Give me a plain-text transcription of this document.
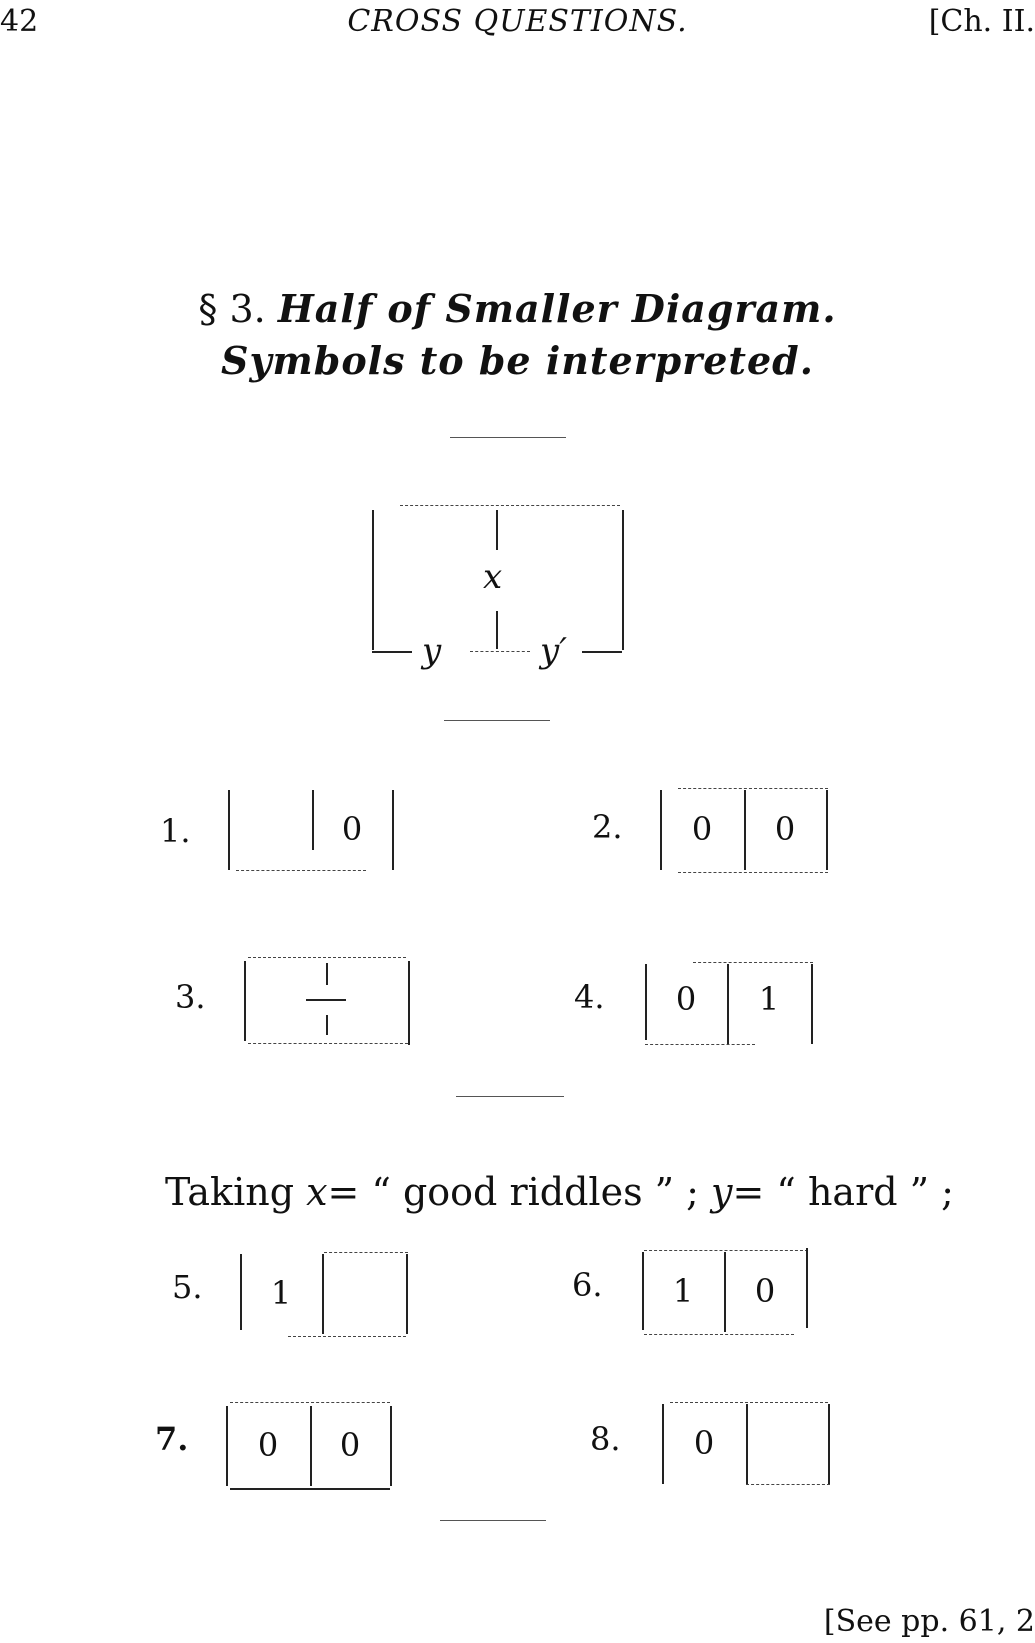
42	CROSS QUESTIONS.	[Ch. II.
§ 3. Half of Smaller Diagram.
Symbols to be interpreted.
x
y	y′
1.	0	2.	0	0
3.	4.	0	1
Taking x= “ good riddles ” ; y= “ hard ” ;
5.	1	6.	1	0
7.	0	0	8.	0
[See pp. 61, 2
